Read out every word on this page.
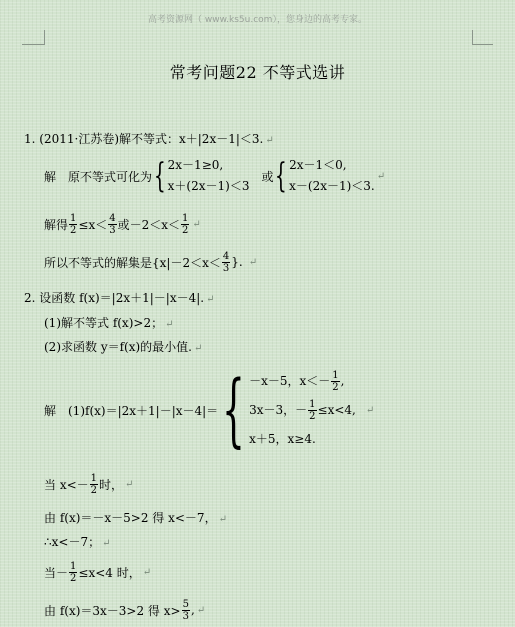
高考资源网（ www.ks5u.com），您身边的高考专家。
常考问题22 不等式选讲
1. (2011·江苏卷)解不等式：x＋|2x－1|＜3. ↵
解　原不等式可化为 { 2x－1≥0,
x＋(2x－1)＜3
或 { 2x－1＜0,
x－(2x－1)＜3.
↵
解得 $\frac{1}{2} \le x< \frac{4}{3}$ 或$-2<x< \frac{1}{2}$ ↵
所以不等式的解集是{$x|-2<x< \frac{4}{3}$ }. ↵
2. 设函数 f(x)＝|2x＋1|－|x－4|. ↵
(1)解不等式 f(x)>2； ↵
(2)求函数 y＝f(x)的最小值. ↵
解　(1)f(x)＝|2x＋1|－|x－4|＝ { －x－5，$x<- \frac{1}{2}$ ,
3x－3，－ $\frac{1}{2} \le x<4$, ↵
x＋5，x≥4.
当 $x<- \frac{1}{2}$ 时， ↵
由 f(x)＝－x－5>2 得 x<－7， ↵
∴x<－7； ↵
当－ $\frac{1}{2} \le x<4$ 时， ↵
由 f(x)＝3x－3>2 得 $x> \frac{5}{3}$ , ↵
